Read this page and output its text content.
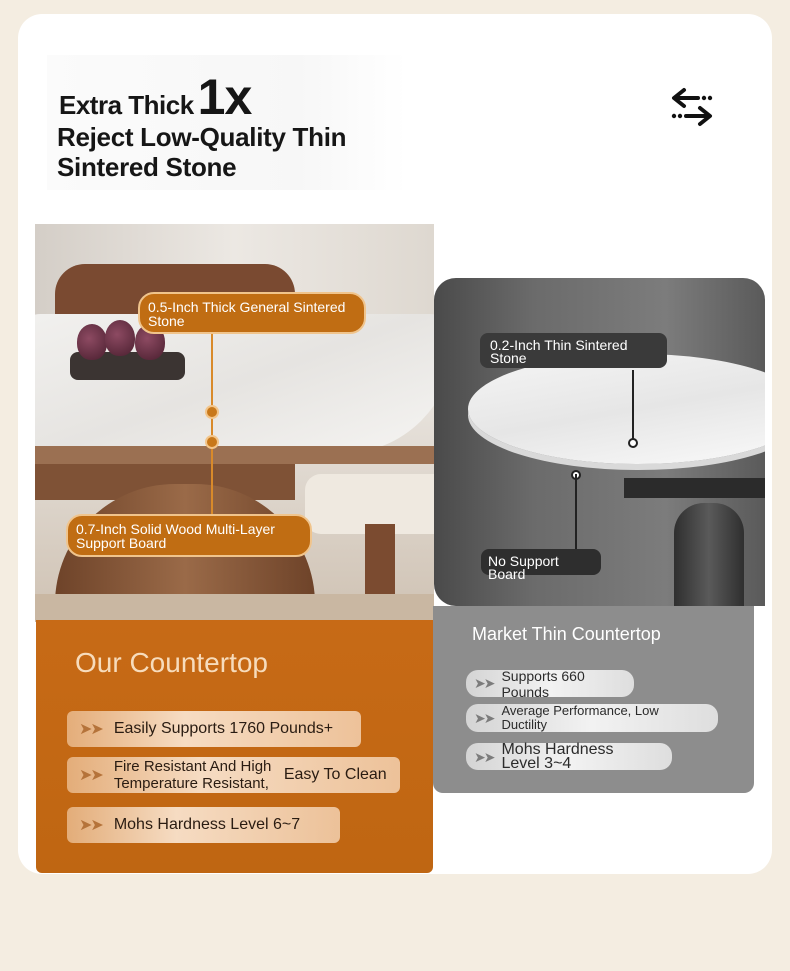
Extra Thick 1x
Reject Low-Quality Thin Sintered Stone
0.5-Inch Thick General Sintered Stone
0.7-Inch Solid Wood Multi-Layer Support Board
0.2-Inch Thin Sintered Stone
No Support Board
Our Countertop
➤➤ Easily Supports 1760 Pounds+
➤➤
Fire Resistant And High Temperature Resistant,
Easy To Clean
➤➤ Mohs Hardness Level 6~7
Market Thin Countertop
➤➤ Supports 660 Pounds
➤➤ Average Performance, Low Ductility
➤➤ Mohs Hardness Level 3~4
